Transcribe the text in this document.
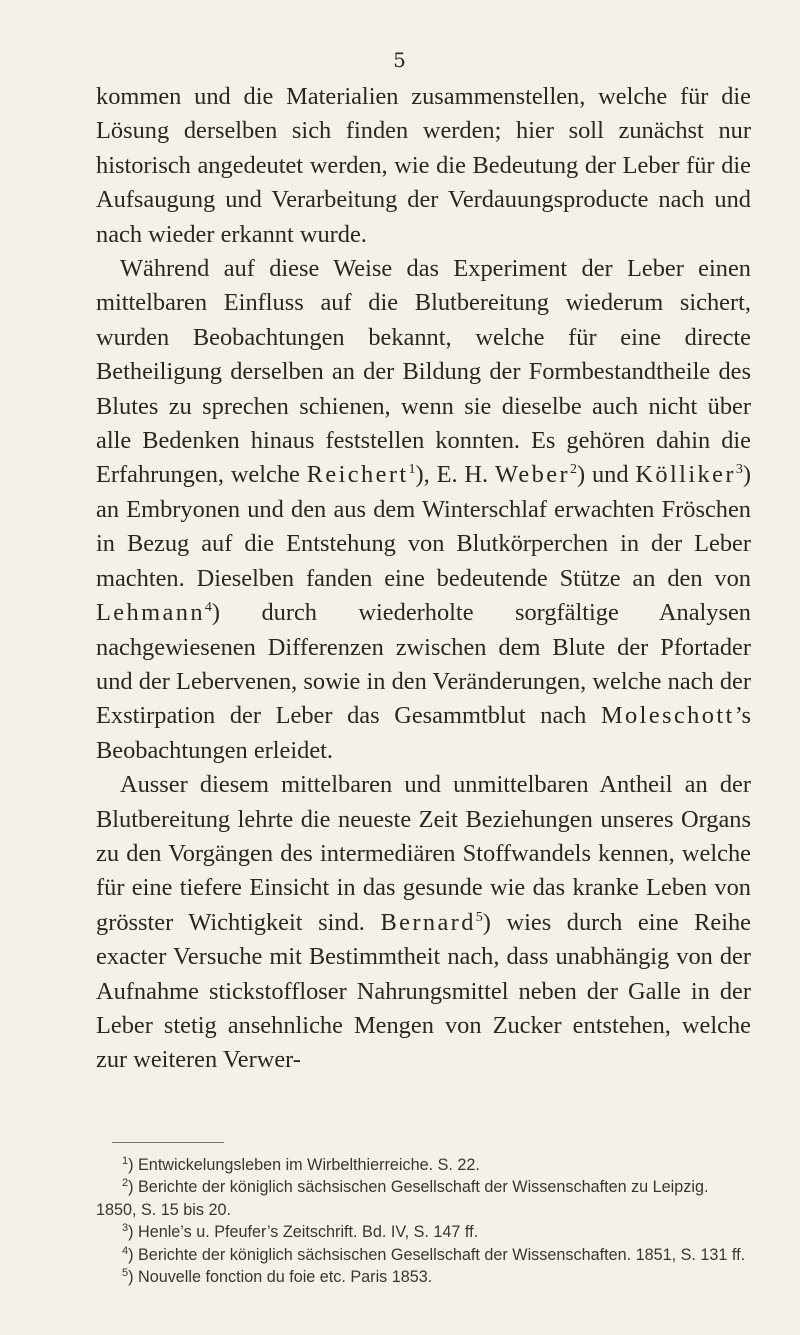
5

kommen und die Materialien zusammenstellen, welche für die Lösung derselben sich finden werden; hier soll zunächst nur historisch angedeutet werden, wie die Bedeutung der Leber für die Aufsaugung und Verarbeitung der Verdauungsproducte nach und nach wieder erkannt wurde.

Während auf diese Weise das Experiment der Leber einen mittelbaren Einfluss auf die Blutbereitung wiederum sichert, wurden Beobachtungen bekannt, welche für eine directe Betheiligung derselben an der Bildung der Formbestandtheile des Blutes zu sprechen schienen, wenn sie dieselbe auch nicht über alle Bedenken hinaus feststellen konnten. Es gehören dahin die Erfahrungen, welche Reichert$^1$), E. H. Weber$^2$) und Kölliker$^3$) an Embryonen und den aus dem Winterschlaf erwachten Fröschen in Bezug auf die Entstehung von Blutkörperchen in der Leber machten. Dieselben fanden eine bedeutende Stütze an den von Lehmann$^4$) durch wiederholte sorgfältige Analysen nachgewiesenen Differenzen zwischen dem Blute der Pfortader und der Lebervenen, sowie in den Veränderungen, welche nach der Exstirpation der Leber das Gesammtblut nach Moleschott’s Beobachtungen erleidet.

Ausser diesem mittelbaren und unmittelbaren Antheil an der Blutbereitung lehrte die neueste Zeit Beziehungen unseres Organs zu den Vorgängen des intermediären Stoffwandels kennen, welche für eine tiefere Einsicht in das gesunde wie das kranke Leben von grösster Wichtigkeit sind. Bernard$^5$) wies durch eine Reihe exacter Versuche mit Bestimmtheit nach, dass unabhängig von der Aufnahme stickstoffloser Nahrungsmittel neben der Galle in der Leber stetig ansehnliche Mengen von Zucker entstehen, welche zur weiteren Verwer-

$^1$) Entwickelungsleben im Wirbelthierreiche. S. 22.

$^2$) Berichte der königlich sächsischen Gesellschaft der Wissenschaften zu Leipzig. 1850, S. 15 bis 20.

$^3$) Henle’s u. Pfeufer’s Zeitschrift. Bd. IV, S. 147 ff.

$^4$) Berichte der königlich sächsischen Gesellschaft der Wissenschaften. 1851, S. 131 ff.

$^5$) Nouvelle fonction du foie etc. Paris 1853.
